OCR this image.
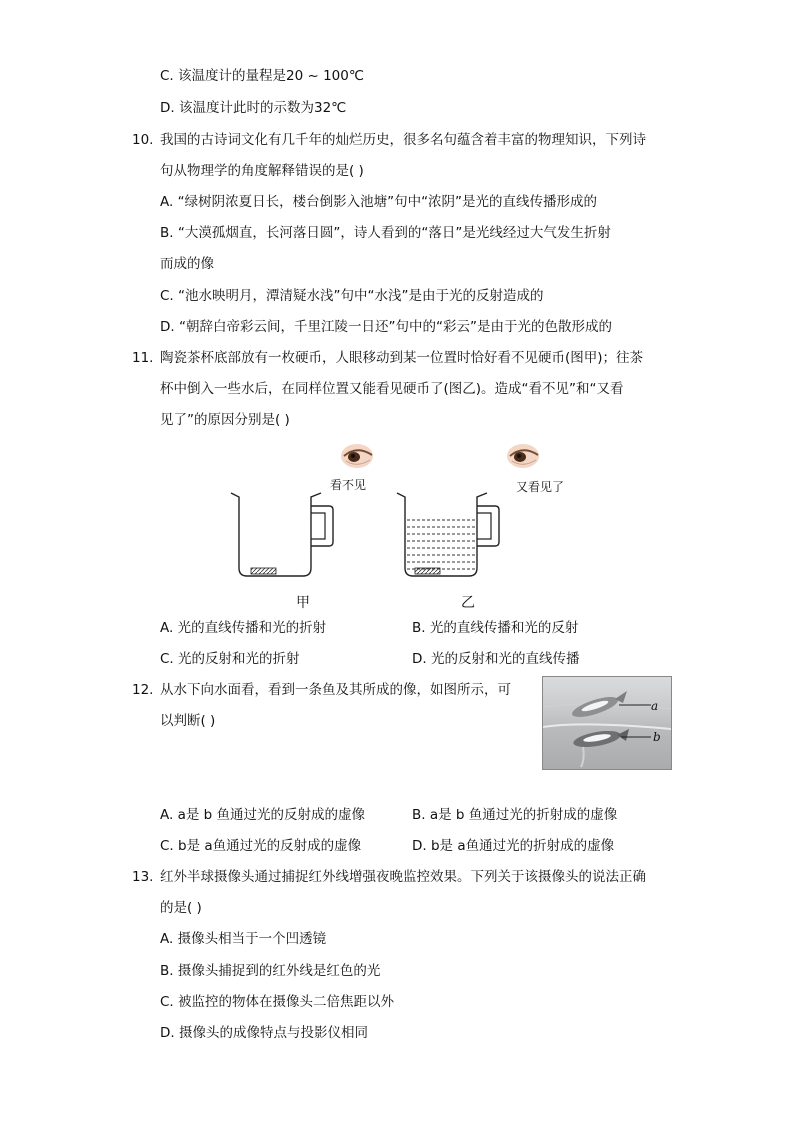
C. 该温度计的量程是20 ~ 100℃
D. 该温度计此时的示数为32℃
10. 我国的古诗词文化有几千年的灿烂历史，很多名句蕴含着丰富的物理知识，下列诗
句从物理学的角度解释错误的是( )
A. “绿树阴浓夏日长，楼台倒影入池塘”句中“浓阴”是光的直线传播形成的
B. “大漠孤烟直，长河落日圆”，诗人看到的“落日”是光线经过大气发生折射
而成的像
C. “池水映明月，潭清疑水浅”句中“水浅”是由于光的反射造成的
D. “朝辞白帝彩云间，千里江陵一日还”句中的“彩云”是由于光的色散形成的
11. 陶瓷茶杯底部放有一枚硬币，人眼移动到某一位置时恰好看不见硬币(图甲)；往茶
杯中倒入一些水后，在同样位置又能看见硬币了(图乙)。造成“看不见”和“又看
见了”的原因分别是( )
看不见	又看见了
甲	乙
A. 光的直线传播和光的折射	B. 光的直线传播和光的反射
C. 光的反射和光的折射	D. 光的反射和光的直线传播
12. 从水下向水面看，看到一条鱼及其所成的像，如图所示，可
以判断( )
a
b
A. a是 b 鱼通过光的反射成的虚像	B. a是 b 鱼通过光的折射成的虚像
C. b是 a鱼通过光的反射成的虚像	D. b是 a鱼通过光的折射成的虚像
13. 红外半球摄像头通过捕捉红外线增强夜晚监控效果。下列关于该摄像头的说法正确
的是( )
A. 摄像头相当于一个凹透镜
B. 摄像头捕捉到的红外线是红色的光
C. 被监控的物体在摄像头二倍焦距以外
D. 摄像头的成像特点与投影仪相同
